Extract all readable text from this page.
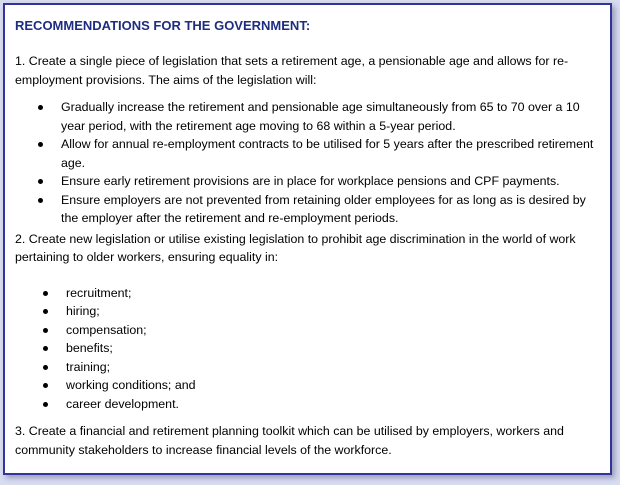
RECOMMENDATIONS FOR THE GOVERNMENT:

1. Create a single piece of legislation that sets a retirement age, a pensionable age and allows for re-employment provisions. The aims of the legislation will:

Gradually increase the retirement and pensionable age simultaneously from 65 to 70 over a 10 year period, with the retirement age moving to 68 within a 5-year period.
Allow for annual re-employment contracts to be utilised for 5 years after the prescribed retirement age.
Ensure early retirement provisions are in place for workplace pensions and CPF payments.
Ensure employers are not prevented from retaining older employees for as long as is desired by the employer after the retirement and re-employment periods.

2. Create new legislation or utilise existing legislation to prohibit age discrimination in the world of work pertaining to older workers, ensuring equality in:

recruitment;
hiring;
compensation;
benefits;
training;
working conditions; and
career development.

3. Create a financial and retirement planning toolkit which can be utilised by employers, workers and community stakeholders to increase financial levels of the workforce.
